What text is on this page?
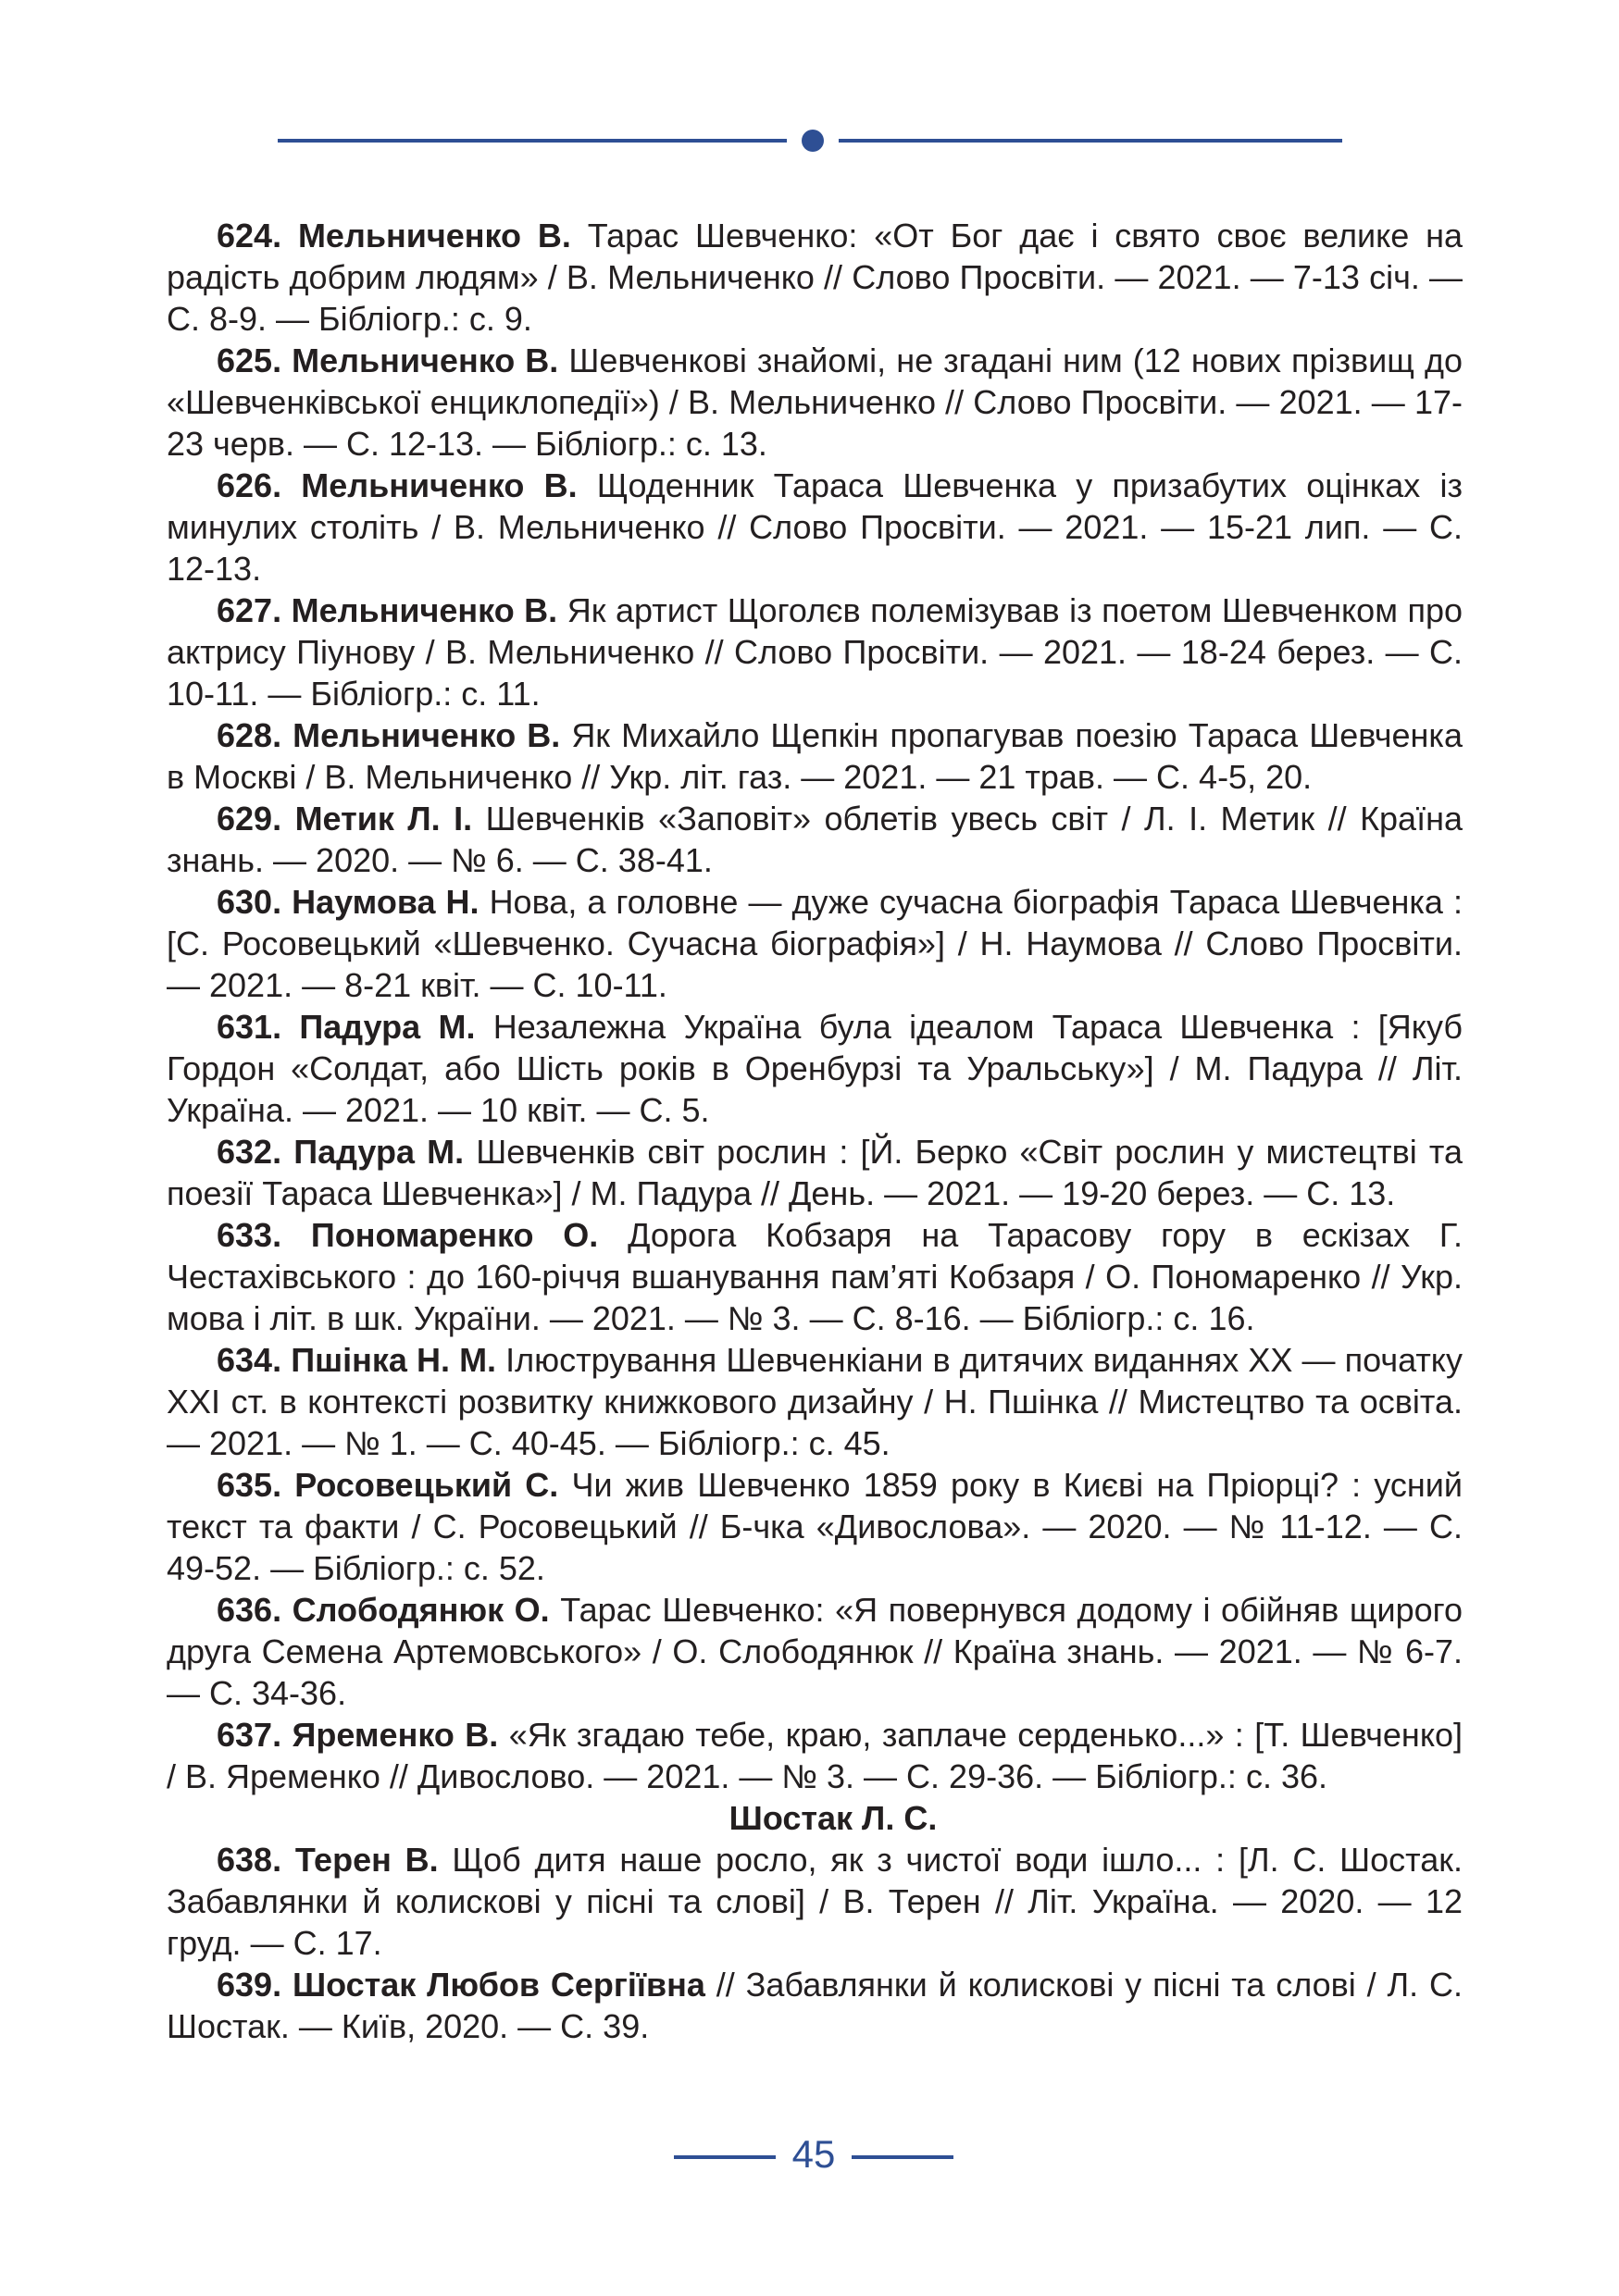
624. Мельниченко В. Тарас Шевченко: «От Бог дає і свято своє велике на радість добрим людям» / В. Мельниченко // Слово Просвіти. — 2021. — 7-13 січ. — С. 8-9. — Бібліогр.: с. 9.

625. Мельниченко В. Шевченкові знайомі, не згадані ним (12 нових прізвищ до «Шевченківської енциклопедії») / В. Мельниченко // Слово Просвіти. — 2021. — 17-23 черв. — С. 12-13. — Бібліогр.: с. 13.

626. Мельниченко В. Щоденник Тараса Шевченка у призабутих оцінках із минулих століть / В. Мельниченко // Слово Просвіти. — 2021. — 15-21 лип. — С. 12-13.

627. Мельниченко В. Як артист Щоголєв полемізував із поетом Шевченком про актрису Піунову / В. Мельниченко // Слово Просвіти. — 2021. — 18-24 берез. — С. 10-11. — Бібліогр.: с. 11.

628. Мельниченко В. Як Михайло Щепкін пропагував поезію Тараса Шевченка в Москві / В. Мельниченко // Укр. літ. газ. — 2021. — 21 трав. — С. 4-5, 20.

629. Метик Л. І. Шевченків «Заповіт» облетів увесь світ / Л. І. Метик // Країна знань. — 2020. — № 6. — С. 38-41.

630. Наумова Н. Нова, а головне — дуже сучасна біографія Тараса Шевченка : [С. Росовецький «Шевченко. Сучасна біографія»] / Н. Наумова // Слово Просвіти. — 2021. — 8-21 квіт. — С. 10-11.

631. Падура М. Незалежна Україна була ідеалом Тараса Шевченка : [Якуб Гордон «Солдат, або Шість років в Оренбурзі та Уральську»] / М. Падура // Літ. Україна. — 2021. — 10 квіт. — С. 5.

632. Падура М. Шевченків світ рослин : [Й. Берко «Світ рослин у мистецтві та поезії Тараса Шевченка»] / М. Падура // День. — 2021. — 19-20 берез. — С. 13.

633. Пономаренко О. Дорога Кобзаря на Тарасову гору в ескізах Г. Честахівського : до 160-річчя вшанування пам’яті Кобзаря / О. Пономаренко // Укр. мова і літ. в шк. України. — 2021. — № 3. — С. 8-16. — Бібліогр.: с. 16.

634. Пшінка Н. М. Ілюстрування Шевченкіани в дитячих виданнях ХХ — початку XXI ст. в контексті розвитку книжкового дизайну / Н. Пшінка // Мистецтво та освіта. — 2021. — № 1. — С. 40-45. — Бібліогр.: с. 45.

635. Росовецький С. Чи жив Шевченко 1859 року в Києві на Пріорці? : усний текст та факти / С. Росовецький // Б-чка «Дивослова». — 2020. — № 11-12. — С. 49-52. — Бібліогр.: с. 52.

636. Слободянюк О. Тарас Шевченко: «Я повернувся додому і обійняв щирого друга Семена Артемовського» / О. Слободянюк // Країна знань. — 2021. — № 6-7. — С. 34-36.

637. Яременко В. «Як згадаю тебе, краю, заплаче серденько...» : [Т. Шевченко] / В. Яременко // Дивослово. — 2021. — № 3. — С. 29-36. — Бібліогр.: с. 36.

Шостак Л. С.

638. Терен В. Щоб дитя наше росло, як з чистої води ішло... : [Л. С. Шостак. Забавлянки й колискові у пісні та слові] / В. Терен // Літ. Україна. — 2020. — 12 груд. — С. 17.

639. Шостак Любов Сергіївна // Забавлянки й колискові у пісні та слові / Л. С. Шостак. — Київ, 2020. — С. 39.

45
